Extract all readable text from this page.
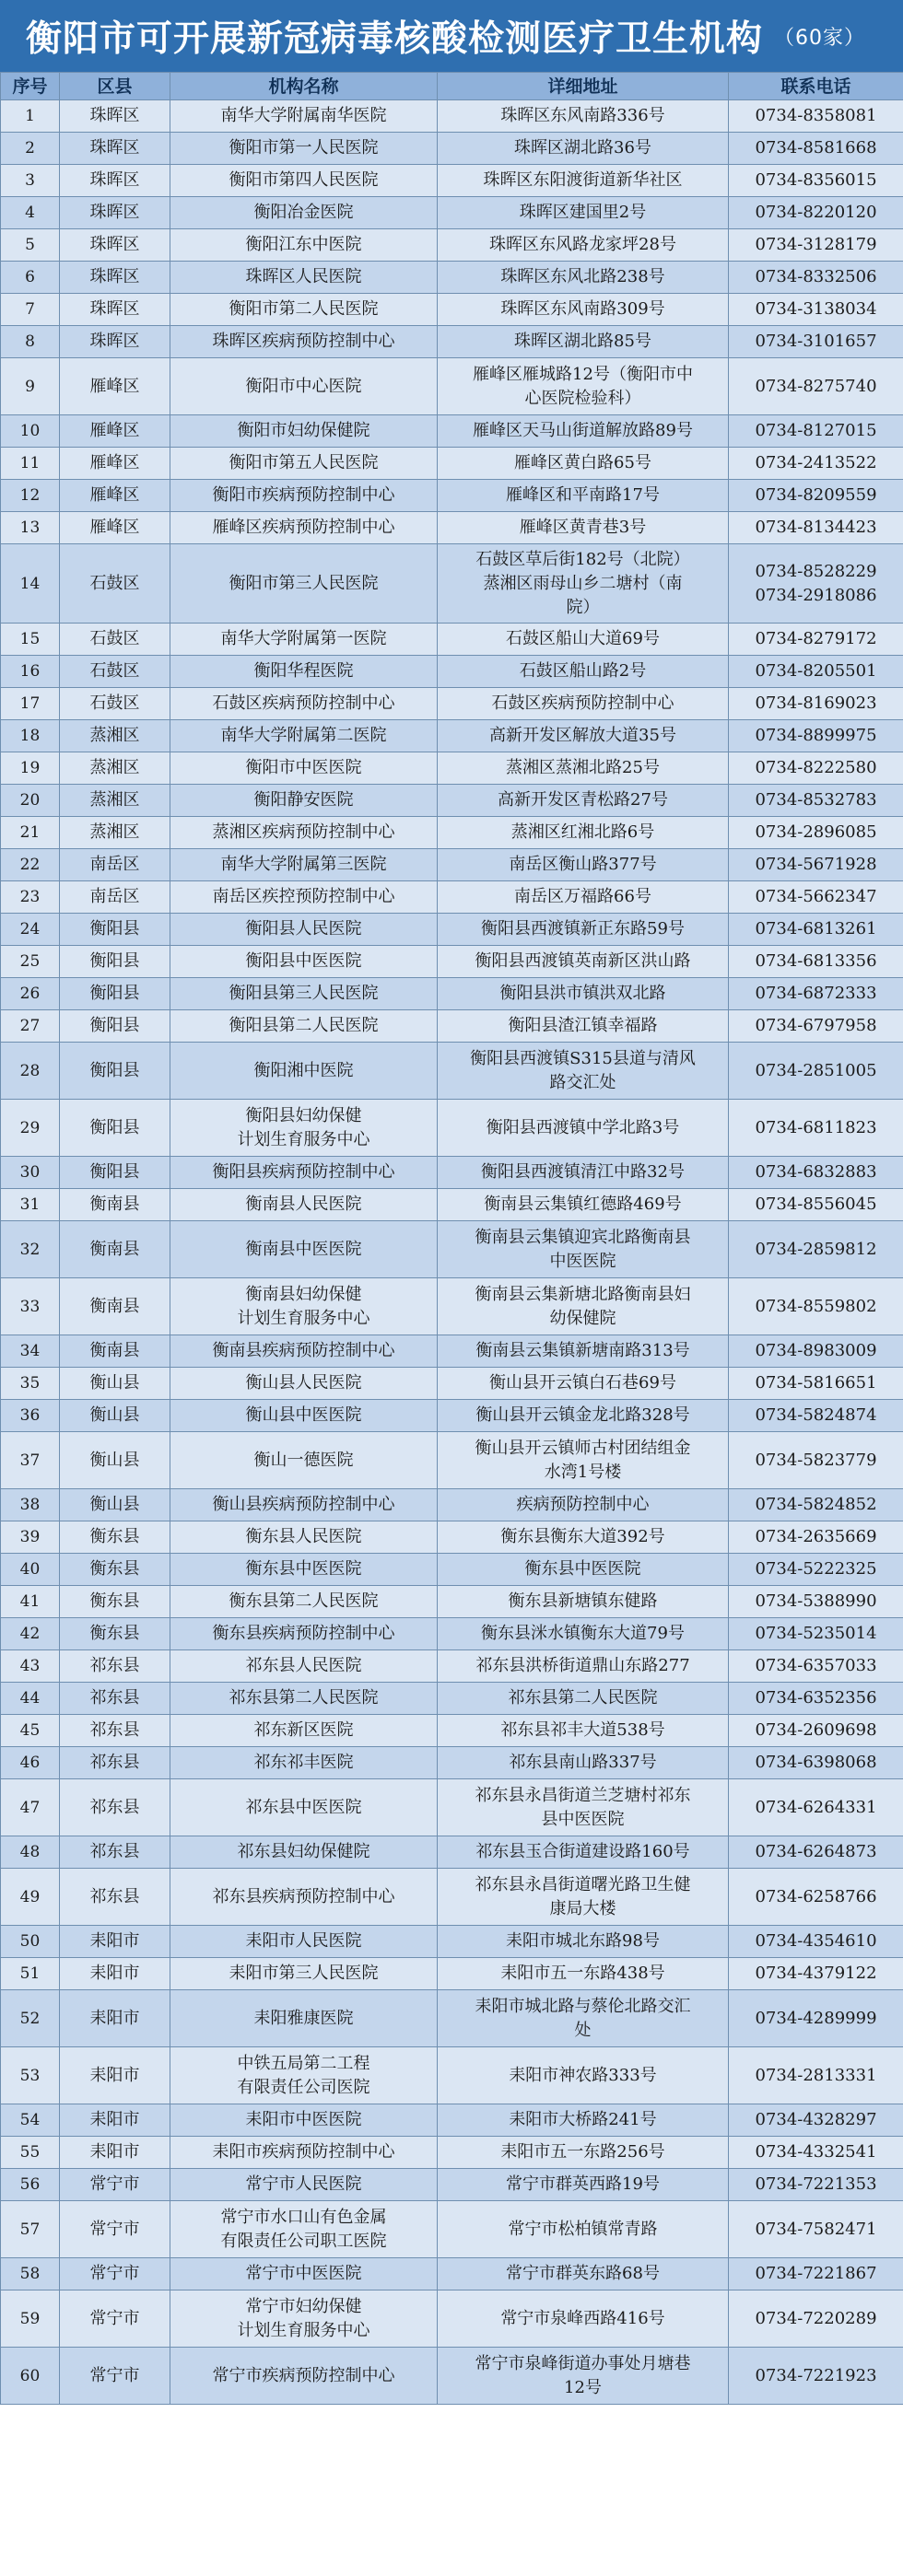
衡阳市可开展新冠病毒核酸检测医疗卫生机构 （60家）
序号	区县	机构名称	详细地址	联系电话
1	珠晖区	南华大学附属南华医院	珠晖区东风南路336号	0734-8358081

2	珠晖区	衡阳市第一人民医院	珠晖区湖北路36号	0734-8581668

3	珠晖区	衡阳市第四人民医院	珠晖区东阳渡街道新华社区	0734-8356015

4	珠晖区	衡阳冶金医院	珠晖区建国里2号	0734-8220120

5	珠晖区	衡阳江东中医院	珠晖区东风路龙家坪28号	0734-3128179

6	珠晖区	珠晖区人民医院	珠晖区东风北路238号	0734-8332506

7	珠晖区	衡阳市第二人民医院	珠晖区东风南路309号	0734-3138034

8	珠晖区	珠晖区疾病预防控制中心	珠晖区湖北路85号	0734-3101657

9	雁峰区	衡阳市中心医院	雁峰区雁城路12号（衡阳市中
心医院检验科）	0734-8275740

10	雁峰区	衡阳市妇幼保健院	雁峰区天马山街道解放路89号	0734-8127015

11	雁峰区	衡阳市第五人民医院	雁峰区黄白路65号	0734-2413522

12	雁峰区	衡阳市疾病预防控制中心	雁峰区和平南路17号	0734-8209559

13	雁峰区	雁峰区疾病预防控制中心	雁峰区黄青巷3号	0734-8134423

14	石鼓区	衡阳市第三人民医院	石鼓区草后街182号（北院）
蒸湘区雨母山乡二塘村（南
院）	0734-8528229
0734-2918086

15	石鼓区	南华大学附属第一医院	石鼓区船山大道69号	0734-8279172

16	石鼓区	衡阳华程医院	石鼓区船山路2号	0734-8205501

17	石鼓区	石鼓区疾病预防控制中心	石鼓区疾病预防控制中心	0734-8169023

18	蒸湘区	南华大学附属第二医院	高新开发区解放大道35号	0734-8899975

19	蒸湘区	衡阳市中医医院	蒸湘区蒸湘北路25号	0734-8222580

20	蒸湘区	衡阳静安医院	高新开发区青松路27号	0734-8532783

21	蒸湘区	蒸湘区疾病预防控制中心	蒸湘区红湘北路6号	0734-2896085

22	南岳区	南华大学附属第三医院	南岳区衡山路377号	0734-5671928

23	南岳区	南岳区疾控预防控制中心	南岳区万福路66号	0734-5662347

24	衡阳县	衡阳县人民医院	衡阳县西渡镇新正东路59号	0734-6813261

25	衡阳县	衡阳县中医医院	衡阳县西渡镇英南新区洪山路	0734-6813356

26	衡阳县	衡阳县第三人民医院	衡阳县洪市镇洪双北路	0734-6872333

27	衡阳县	衡阳县第二人民医院	衡阳县渣江镇幸福路	0734-6797958

28	衡阳县	衡阳湘中医院	衡阳县西渡镇S315县道与清风
路交汇处	0734-2851005

29	衡阳县	衡阳县妇幼保健
计划生育服务中心	衡阳县西渡镇中学北路3号	0734-6811823

30	衡阳县	衡阳县疾病预防控制中心	衡阳县西渡镇清江中路32号	0734-6832883

31	衡南县	衡南县人民医院	衡南县云集镇红德路469号	0734-8556045

32	衡南县	衡南县中医医院	衡南县云集镇迎宾北路衡南县
中医医院	0734-2859812

33	衡南县	衡南县妇幼保健
计划生育服务中心	衡南县云集新塘北路衡南县妇
幼保健院	0734-8559802

34	衡南县	衡南县疾病预防控制中心	衡南县云集镇新塘南路313号	0734-8983009

35	衡山县	衡山县人民医院	衡山县开云镇白石巷69号	0734-5816651

36	衡山县	衡山县中医医院	衡山县开云镇金龙北路328号	0734-5824874

37	衡山县	衡山一德医院	衡山县开云镇师古村团结组金
水湾1号楼	0734-5823779

38	衡山县	衡山县疾病预防控制中心	疾病预防控制中心	0734-5824852

39	衡东县	衡东县人民医院	衡东县衡东大道392号	0734-2635669

40	衡东县	衡东县中医医院	衡东县中医医院	0734-5222325

41	衡东县	衡东县第二人民医院	衡东县新塘镇东健路	0734-5388990

42	衡东县	衡东县疾病预防控制中心	衡东县洣水镇衡东大道79号	0734-5235014

43	祁东县	祁东县人民医院	祁东县洪桥街道鼎山东路277	0734-6357033

44	祁东县	祁东县第二人民医院	祁东县第二人民医院	0734-6352356

45	祁东县	祁东新区医院	祁东县祁丰大道538号	0734-2609698

46	祁东县	祁东祁丰医院	祁东县南山路337号	0734-6398068

47	祁东县	祁东县中医医院	祁东县永昌街道兰芝塘村祁东
县中医医院	0734-6264331

48	祁东县	祁东县妇幼保健院	祁东县玉合街道建设路160号	0734-6264873

49	祁东县	祁东县疾病预防控制中心	祁东县永昌街道曙光路卫生健
康局大楼	0734-6258766

50	耒阳市	耒阳市人民医院	耒阳市城北东路98号	0734-4354610

51	耒阳市	耒阳市第三人民医院	耒阳市五一东路438号	0734-4379122

52	耒阳市	耒阳雅康医院	耒阳市城北路与蔡伦北路交汇
处	0734-4289999

53	耒阳市	中铁五局第二工程
有限责任公司医院	耒阳市神农路333号	0734-2813331

54	耒阳市	耒阳市中医医院	耒阳市大桥路241号	0734-4328297

55	耒阳市	耒阳市疾病预防控制中心	耒阳市五一东路256号	0734-4332541

56	常宁市	常宁市人民医院	常宁市群英西路19号	0734-7221353

57	常宁市	常宁市水口山有色金属
有限责任公司职工医院	常宁市松柏镇常青路	0734-7582471

58	常宁市	常宁市中医医院	常宁市群英东路68号	0734-7221867

59	常宁市	常宁市妇幼保健
计划生育服务中心	常宁市泉峰西路416号	0734-7220289

60	常宁市	常宁市疾病预防控制中心	常宁市泉峰街道办事处月塘巷
12号	0734-7221923
